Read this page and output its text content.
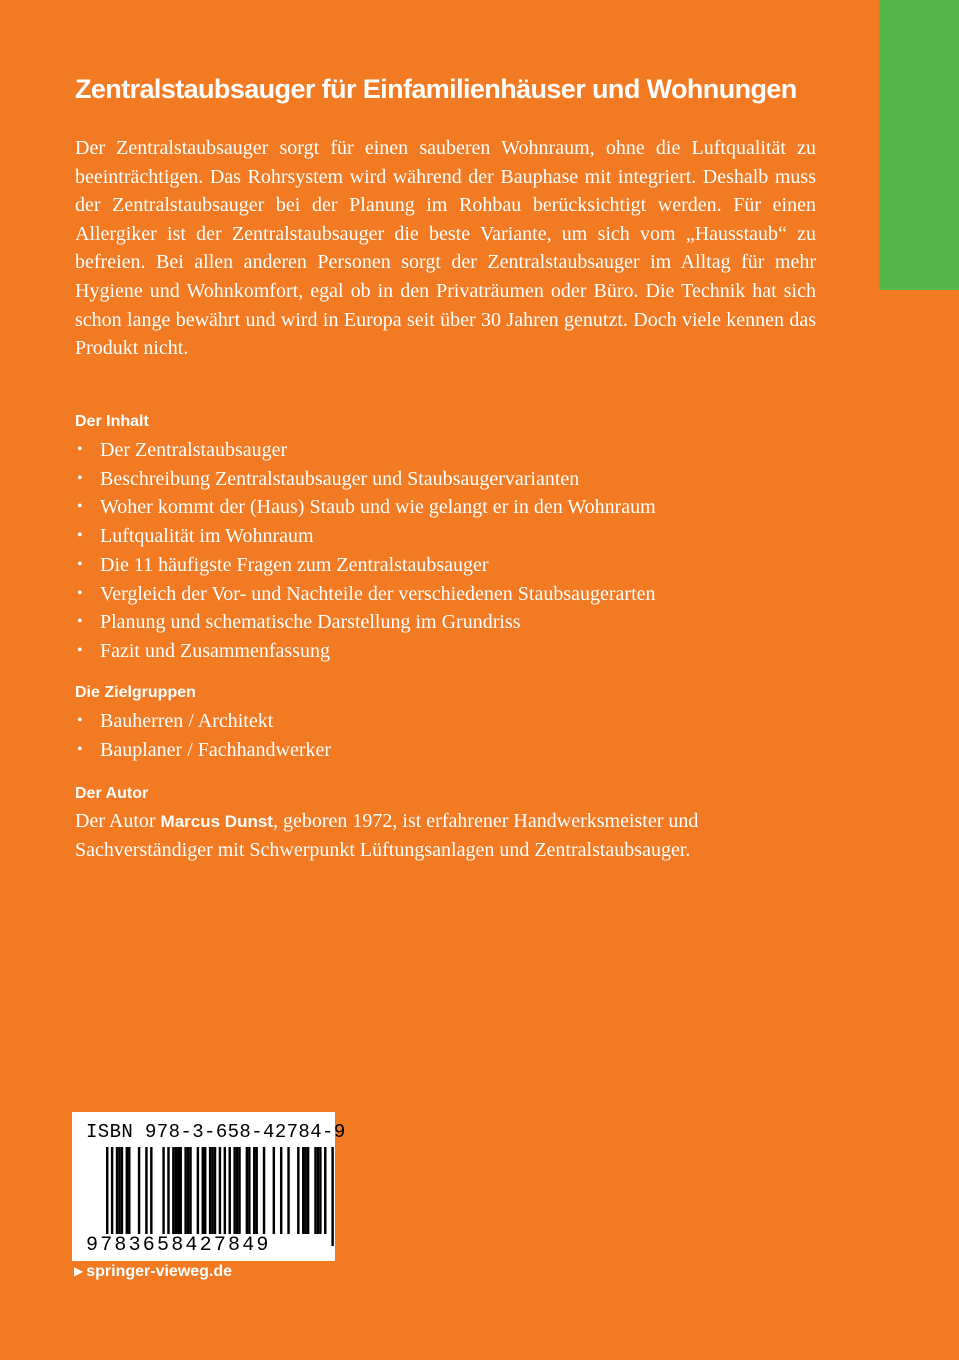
Zentralstaubsauger für Einfamilienhäuser und Wohnungen

Der Zentralstaubsauger sorgt für einen sauberen Wohnraum, ohne die Luftqualität zu beeinträchtigen. Das Rohrsystem wird während der Bauphase mit integriert. Deshalb muss der Zentralstaubsauger bei der Planung im Rohbau berücksichtigt werden. Für einen Allergiker ist der Zentralstaubsauger die beste Variante, um sich vom „Hausstaub“ zu befreien. Bei allen anderen Personen sorgt der Zentralstaubsauger im Alltag für mehr Hygiene und Wohnkomfort, egal ob in den Privaträumen oder Büro. Die Technik hat sich schon lange bewährt und wird in Europa seit über 30 Jahren genutzt. Doch viele kennen das Produkt nicht.

Der Inhalt
• Der Zentralstaubsauger
• Beschreibung Zentralstaubsauger und Staubsaugervarianten
• Woher kommt der (Haus) Staub und wie gelangt er in den Wohnraum
• Luftqualität im Wohnraum
• Die 11 häufigste Fragen zum Zentralstaubsauger
• Vergleich der Vor- und Nachteile der verschiedenen Staubsaugerarten
• Planung und schematische Darstellung im Grundriss
• Fazit und Zusammenfassung
Die Zielgruppen
• Bauherren / Architekt
• Bauplaner / Fachhandwerker
Der Autor

Der Autor Marcus Dunst, geboren 1972, ist erfahrener Handwerksmeister und Sachverständiger mit Schwerpunkt Lüftungsanlagen und Zentralstaubsauger.

ISBN 978-3-658-42784-9
9783658427849
▶ springer-vieweg.de
